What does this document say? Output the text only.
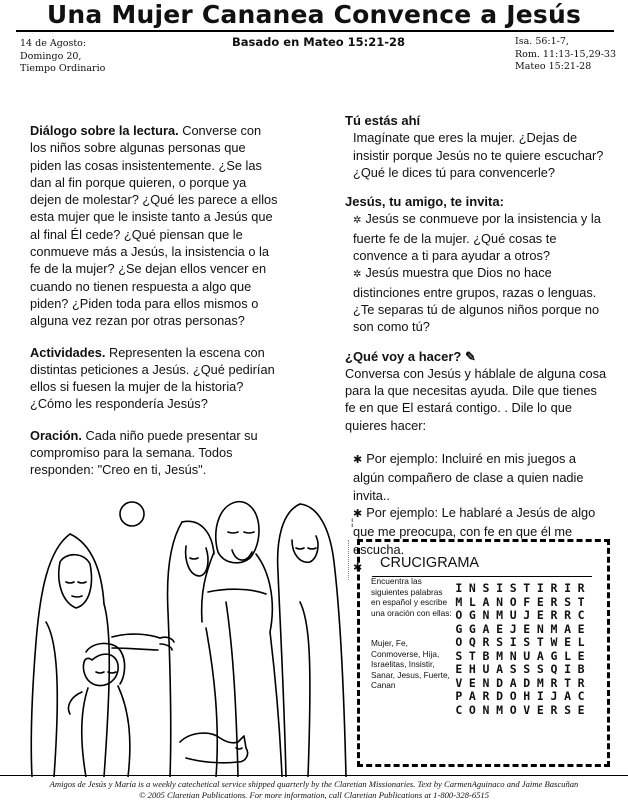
Una Mujer Cananea Convence a Jesús
14 de Agosto:
Domingo 20,
Tiempo Ordinario
Basado en Mateo 15:21-28	Isa. 56:1-7,
Rom. 11:13-15,29-33
Mateo 15:21-28

Diálogo sobre la lectura. Converse con los niños sobre algunas personas que piden las cosas insistentemente. ¿Se las dan al fin porque quieren, o porque ya dejen de molestar? ¿Qué les parece a ellos esta mujer que le insiste tanto a Jesús que al final Él cede? ¿Qué piensan que le conmueve más a Jesús, la insistencia o la fe de la mujer? ¿Se dejan ellos vencer en cuando no tienen respuesta a algo que piden? ¿Piden toda para ellos mismos o alguna vez rezan por otras personas?

Actividades. Representen la escena con distintas peticiones a Jesús. ¿Qué pedirían ellos si fuesen la mujer de la historia? ¿Cómo les respondería Jesús?

Oración. Cada niño puede presentar su compromiso para la semana. Todos responden: "Creo en ti, Jesús".

Tú estás ahí
Imagínate que eres la mujer. ¿Dejas de insistir porque Jesús no te quiere escuchar? ¿Qué le dices tú para convencerle?
Jesús, tu amigo, te invita:
✲ Jesús se conmueve por la insistencia y la fuerte fe de la mujer. ¿Qué cosas te convence a ti para ayudar a otros?
✲ Jesús muestra que Dios no hace distinciones entre grupos, razas o lenguas. ¿Te separas tú de algunos niños porque no son como tú?
¿Qué voy a hacer? ✎
Conversa con Jesús y háblale de alguna cosa para la que necesitas ayuda. Dile que tienes fe en que El estará contigo. . Dile lo que quieres hacer:
✱ Por ejemplo: Incluiré en mis juegos a algún compañero de clase a quien nadie invita..
✱ Por ejemplo: Le hablaré a Jesús de algo que me preocupa, con fe en que él me escucha.
✱
¦
CRUCIGRAMA
Encuentra las siguientes palabras en español y escribe una oración con ellas:
Mujer, Fe, Conmoverse, Hija, Israelitas, Insistir, Sanar, Jesus, Fuerte, Canan
I N S I S T I R I R
M L A N O F E R S T
O G N M U J E R R C
G G A E J E N M A E
O Q R S I S T W E L
S T B M N U A G L E
E H U A S S S Q I B
V E N D A D M R T R
P A R D O H I J A C
C O N M O V E R S E
Amigos de Jesús y María is a weekly catechetical service shipped quarterly by the Claretian Missionaries. Text by CarmenAguinaco and Jaime Bascuñan
© 2005 Claretian Publications. For more information, call Claretian Publications at 1-800-328-6515
